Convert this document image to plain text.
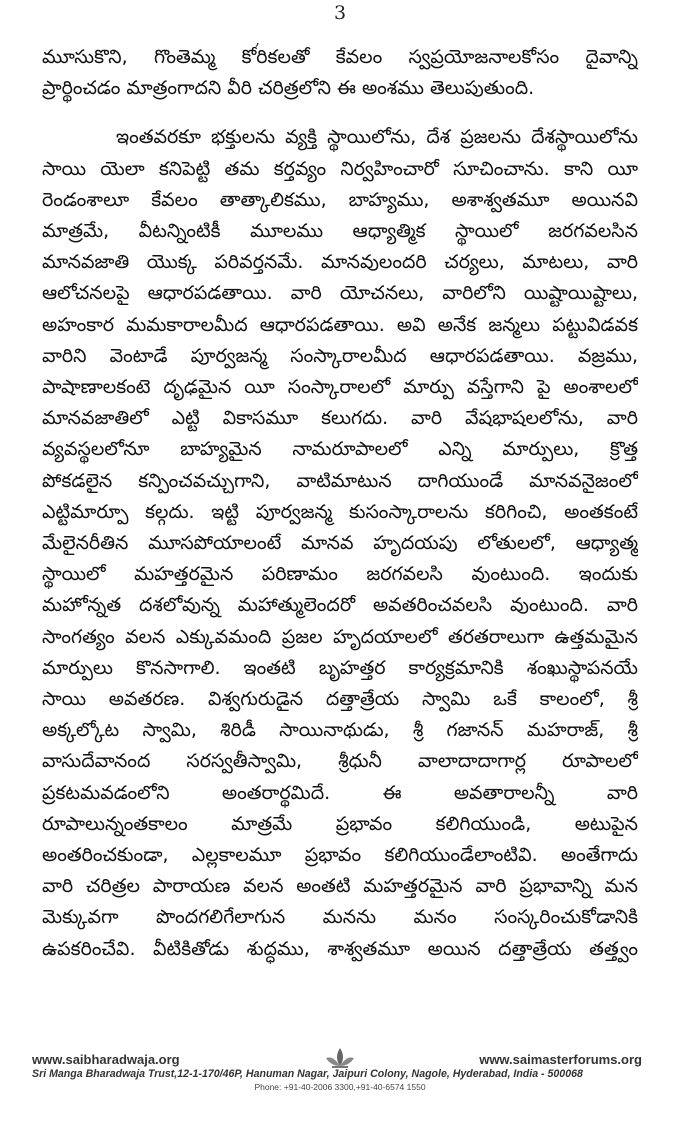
3
,
మూసుకొని, గొంతెమ్మ కోరికలతో కేవలం స్వప్రయోజనాలకోసం దైవాన్ని
ప్రార్థించడం మాత్రంగాదని వీరి చరిత్రలోని ఈ అంశము తెలుపుతుంది.
ఇంతవరకూ భక్తులను వ్యక్తి స్థాయిలోను, దేశ ప్రజలను దేశస్థాయిలోను
సాయి యెలా కనిపెట్టి తమ కర్తవ్యం నిర్వహించారో సూచించాను. కాని యీ
రెండంశాలూ కేవలం తాత్కాలికము, బాహ్యము, అశాశ్వతమూ అయినవి
మాత్రమే, వీటన్నింటికీ మూలము ఆధ్యాత్మిక స్థాయిలో జరగవలసిన
మానవజాతి యొక్క పరివర్తనమే. మానవులందరి చర్యలు, మాటలు, వారి
ఆలోచనలపై ఆధారపడతాయి. వారి యోచనలు, వారిలోని యిష్టాయిష్టాలు,
అహంకార మమకారాలమీద ఆధారపడతాయి. అవి అనేక జన్మలు పట్టువిడవక
వారిని వెంటాడే పూర్వజన్మ సంస్కారాలమీద ఆధారపడతాయి. వజ్రము,
పాషాణాలకంటె దృఢమైన యీ సంస్కారాలలో మార్పు వస్తేగాని పై అంశాలలో
మానవజాతిలో ఎట్టి వికాసమూ కలుగదు. వారి వేషభాషలలోను, వారి
వ్యవస్థలలోనూ బాహ్యమైన నామరూపాలలో ఎన్ని మార్పులు, క్రొత్త
పోకడలైన కన్పించవచ్చుగాని, వాటిమాటున దాగియుండే మానవనైజంలో
ఎట్టిమార్పూ కల్గదు. ఇట్టి పూర్వజన్మ కుసంస్కారాలను కరిగించి, అంతకంటే
మేలైనరీతిన మూసపోయాలంటే మానవ హృదయపు లోతులలో, ఆధ్యాత్మ
స్థాయిలో మహత్తరమైన పరిణామం జరగవలసి వుంటుంది. ఇందుకు
మహోన్నత దశలోవున్న మహాత్ములెందరో అవతరించవలసి వుంటుంది. వారి
సాంగత్యం వలన ఎక్కువమంది ప్రజల హృదయాలలో తరతరాలుగా ఉత్తమమైన
మార్పులు కొనసాగాలి. ఇంతటి బృహత్తర కార్యక్రమానికి శంఖుస్థాపనయే
సాయి అవతరణ. విశ్వగురుడైన దత్తాత్రేయ స్వామి ఒకే కాలంలో, శ్రీ
అక్కల్కోట స్వామి, శిరిడీ సాయినాథుడు, శ్రీ గజానన్ మహరాజ్, శ్రీ
వాసుదేవానంద సరస్వతీస్వామి, శ్రీధునీ వాలాదాదాగార్ల రూపాలలో
ప్రకటమవడంలోని అంతరార్థమిదే. ఈ అవతారాలన్నీ వారి
రూపాలున్నంతకాలం మాత్రమే ప్రభావం కలిగియుండి, అటుపైన
అంతరించకుండా, ఎల్లకాలమూ ప్రభావం కలిగియుండేలాంటివి. అంతేగాదు
వారి చరిత్రల పారాయణ వలన అంతటి మహత్తరమైన వారి ప్రభావాన్ని మన
మెక్కువగా పొందగలిగేలాగున మనను మనం సంస్కరించుకోడానికి
ఉపకరించేవి. వీటికితోడు శుద్ధము, శాశ్వతమూ అయిన దత్తాత్రేయ తత్త్వం
www.saibharadwaja.org	www.saimasterforums.org
Sri Manga Bharadwaja Trust,12-1-170/46P, Hanuman Nagar, Jaipuri Colony, Nagole, Hyderabad, India - 500068
Phone: +91-40-2006 3300,+91-40-6574 1550
